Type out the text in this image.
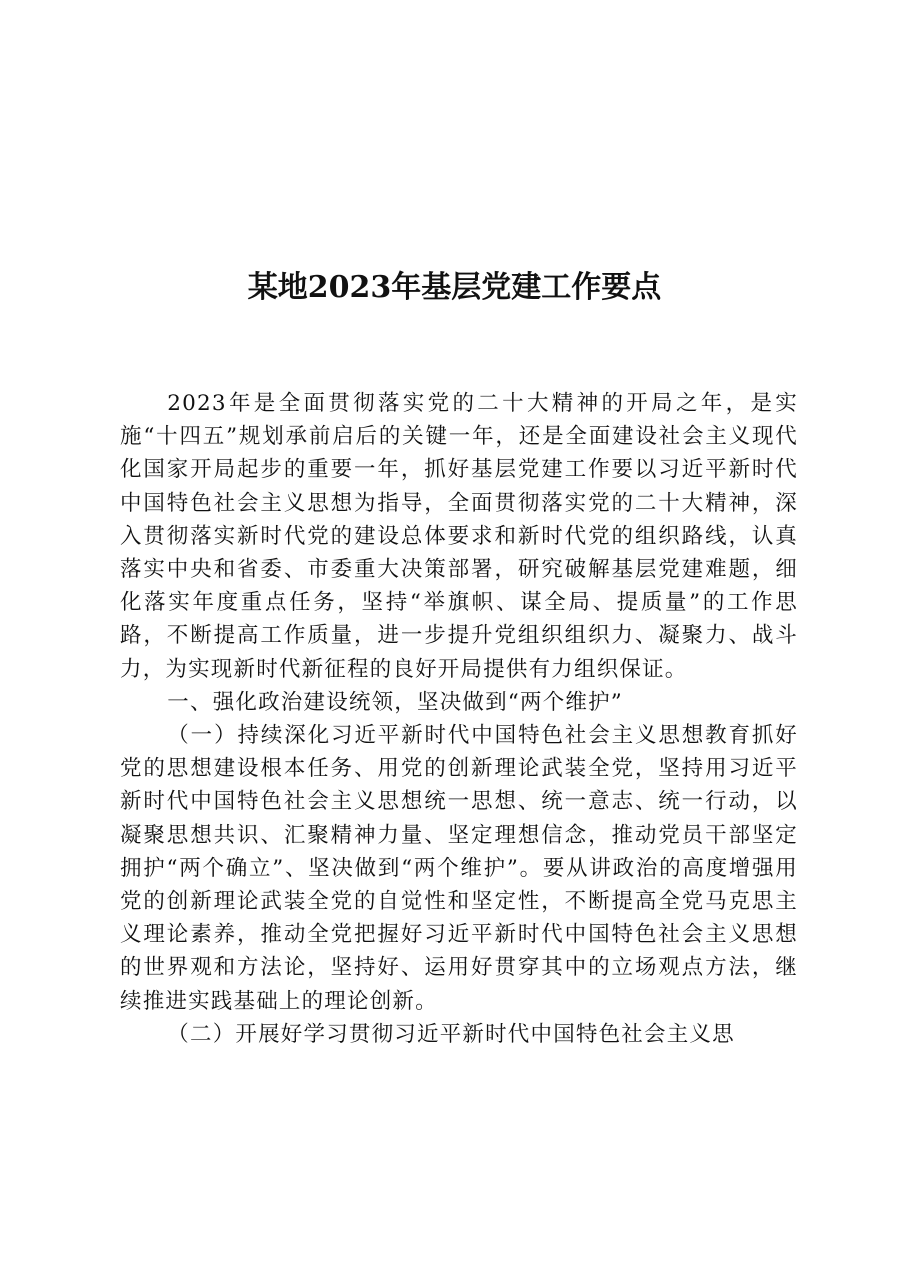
某地2023年基层党建工作要点

2023年是全面贯彻落实党的二十大精神的开局之年，是实施“十四五”规划承前启后的关键一年，还是全面建设社会主义现代化国家开局起步的重要一年，抓好基层党建工作要以习近平新时代中国特色社会主义思想为指导，全面贯彻落实党的二十大精神，深入贯彻落实新时代党的建设总体要求和新时代党的组织路线，认真落实中央和省委、市委重大决策部署，研究破解基层党建难题，细化落实年度重点任务，坚持“举旗帜、谋全局、提质量”的工作思路，不断提高工作质量，进一步提升党组织组织力、凝聚力、战斗力，为实现新时代新征程的良好开局提供有力组织保证。

一、强化政治建设统领，坚决做到“两个维护”

（一）持续深化习近平新时代中国特色社会主义思想教育抓好党的思想建设根本任务、用党的创新理论武装全党，坚持用习近平新时代中国特色社会主义思想统一思想、统一意志、统一行动，以凝聚思想共识、汇聚精神力量、坚定理想信念，推动党员干部坚定拥护“两个确立”、坚决做到“两个维护”。要从讲政治的高度增强用党的创新理论武装全党的自觉性和坚定性，不断提高全党马克思主义理论素养，推动全党把握好习近平新时代中国特色社会主义思想的世界观和方法论，坚持好、运用好贯穿其中的立场观点方法，继续推进实践基础上的理论创新。

（二）开展好学习贯彻习近平新时代中国特色社会主义思
